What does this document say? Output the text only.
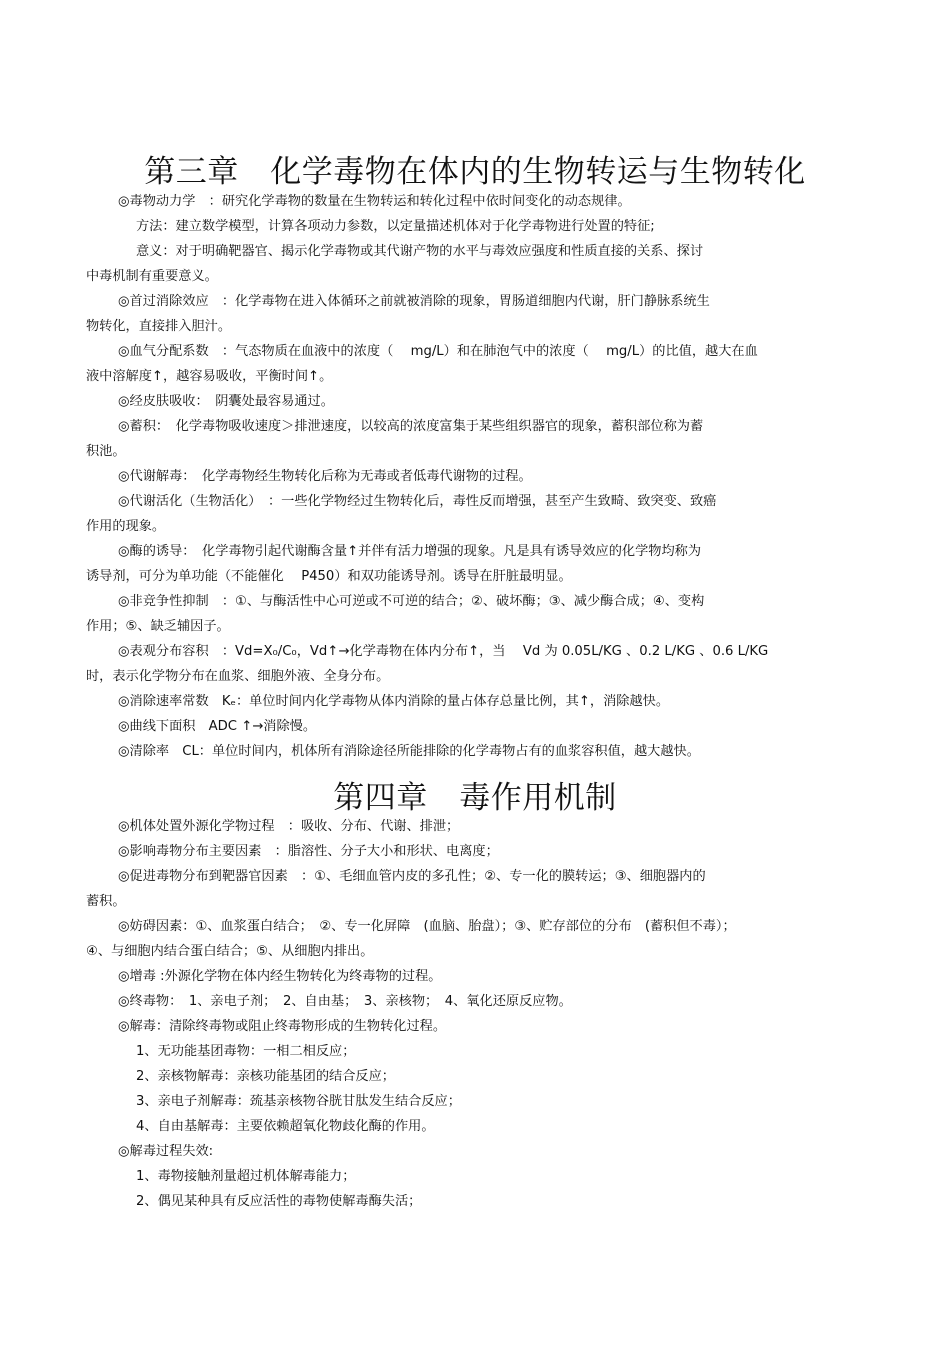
第三章　化学毒物在体内的生物转运与生物转化

◎毒物动力学　：研究化学毒物的数量在生物转运和转化过程中依时间变化的动态规律。

方法：建立数学模型，计算各项动力参数，以定量描述机体对于化学毒物进行处置的特征;

意义：对于明确靶器官、揭示化学毒物或其代谢产物的水平与毒效应强度和性质直接的关系、探讨

中毒机制有重要意义。

◎首过消除效应　：化学毒物在进入体循环之前就被消除的现象，胃肠道细胞内代谢，肝门静脉系统生

物转化，直接排入胆汁。

◎血气分配系数　：气态物质在血液中的浓度（　 mg/L）和在肺泡气中的浓度（　 mg/L）的比值，越大在血

液中溶解度↑，越容易吸收，平衡时间↑。

◎经皮肤吸收：　阴囊处最容易通过。

◎蓄积：　化学毒物吸收速度＞排泄速度，以较高的浓度富集于某些组织器官的现象，蓄积部位称为蓄

积池。

◎代谢解毒：　化学毒物经生物转化后称为无毒或者低毒代谢物的过程。

◎代谢活化（生物活化）　：一些化学物经过生物转化后，毒性反而增强，甚至产生致畸、致突变、致癌

作用的现象。

◎酶的诱导：　化学毒物引起代谢酶含量↑并伴有活力增强的现象。凡是具有诱导效应的化学物均称为

诱导剂，可分为单功能（不能催化　 P450）和双功能诱导剂。诱导在肝脏最明显。

◎非竞争性抑制　：①、与酶活性中心可逆或不可逆的结合；②、破坏酶；③、减少酶合成；④、变构

作用；⑤、缺乏辅因子。

◎表观分布容积　：Vd=X₀/C₀，Vd↑→化学毒物在体内分布↑，当　 Vd 为 0.05L/KG 、0.2 L/KG 、0.6 L/KG

时，表示化学物分布在血浆、细胞外液、全身分布。

◎消除速率常数　Kₑ：单位时间内化学毒物从体内消除的量占体存总量比例，其↑，消除越快。

◎曲线下面积　ADC ↑→消除慢。

◎清除率　CL：单位时间内，机体所有消除途径所能排除的化学毒物占有的血浆容积值，越大越快。

第四章　毒作用机制

◎机体处置外源化学物过程　：吸收、分布、代谢、排泄；

◎影响毒物分布主要因素　：脂溶性、分子大小和形状、电离度；

◎促进毒物分布到靶器官因素　：①、毛细血管内皮的多孔性；②、专一化的膜转运；③、细胞器内的

蓄积。

◎妨碍因素：①、血浆蛋白结合；　②、专一化屏障　(血脑、胎盘）；③、贮存部位的分布　(蓄积但不毒）；

④、与细胞内结合蛋白结合；⑤、从细胞内排出。

◎增毒 :外源化学物在体内经生物转化为终毒物的过程。

◎终毒物：　1、亲电子剂；　2、自由基；　3、亲核物；　4、氧化还原反应物。

◎解毒：清除终毒物或阻止终毒物形成的生物转化过程。

1、无功能基团毒物：一相二相反应；

2、亲核物解毒：亲核功能基团的结合反应；

3、亲电子剂解毒：巯基亲核物谷胱甘肽发生结合反应；

4、自由基解毒：主要依赖超氧化物歧化酶的作用。

◎解毒过程失效:

1、毒物接触剂量超过机体解毒能力；

2、偶见某种具有反应活性的毒物使解毒酶失活；
